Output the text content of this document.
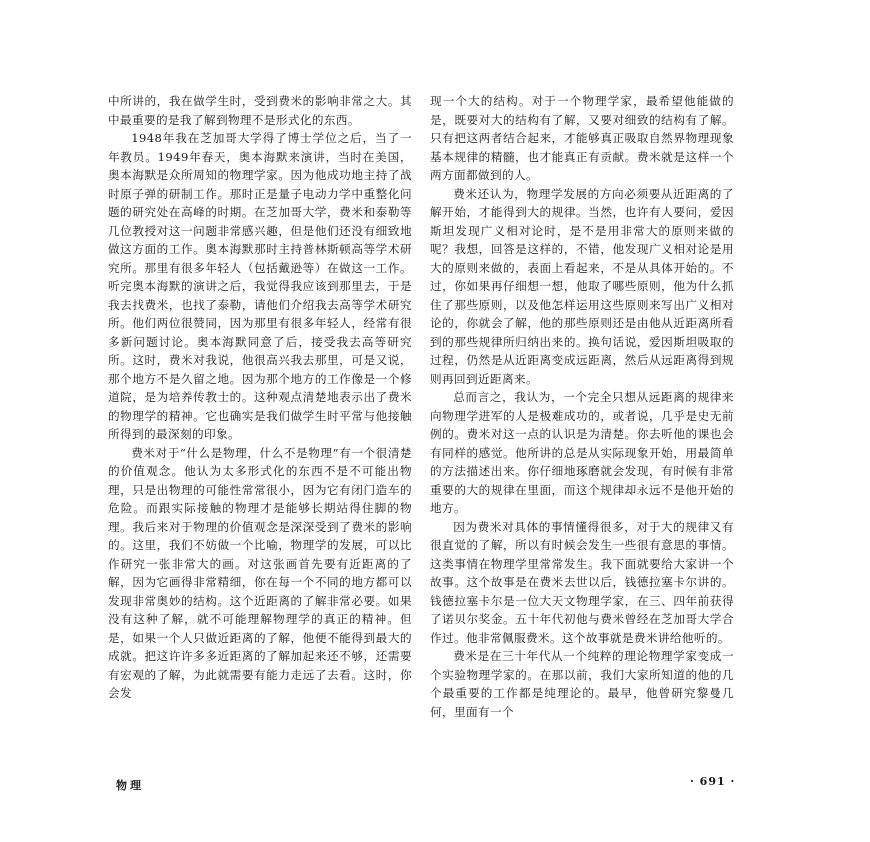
中所讲的，我在做学生时，受到费米的影响非常之大。其中最重要的是我了解到物理不是形式化的东西。

1948年我在芝加哥大学得了博士学位之后，当了一年教员。1949年春天，奥本海默来演讲，当时在美国，奥本海默是众所周知的物理学家。因为他成功地主持了战时原子弹的研制工作。那时正是量子电动力学中重整化问题的研究处在高峰的时期。在芝加哥大学，费米和泰勒等几位教授对这一问题非常感兴趣，但是他们还没有细致地做这方面的工作。奥本海默那时主持普林斯顿高等学术研究所。那里有很多年轻人（包括戴逊等）在做这一工作。听完奥本海默的演讲之后，我觉得我应该到那里去，于是我去找费米，也找了泰勒，请他们介绍我去高等学术研究所。他们两位很赞同，因为那里有很多年轻人，经常有很多新问题讨论。奥本海默同意了后，接受我去高等研究所。这时，费米对我说，他很高兴我去那里，可是又说，那个地方不是久留之地。因为那个地方的工作像是一个修道院，是为培养传教士的。这种观点清楚地表示出了费米的物理学的精神。它也确实是我们做学生时平常与他接触所得到的最深刻的印象。

费米对于“什么是物理，什么不是物理”有一个很清楚的价值观念。他认为太多形式化的东西不是不可能出物理，只是出物理的可能性常常很小，因为它有闭门造车的危险。而跟实际接触的物理才是能够长期站得住脚的物理。我后来对于物理的价值观念是深深受到了费米的影响的。这里，我们不妨做一个比喻，物理学的发展，可以比作研究一张非常大的画。对这张画首先要有近距离的了解，因为它画得非常精细，你在每一个不同的地方都可以发现非常奥妙的结构。这个近距离的了解非常必要。如果没有这种了解，就不可能理解物理学的真正的精神。但是，如果一个人只做近距离的了解，他便不能得到最大的成就。把这许许多多近距离的了解加起来还不够，还需要有宏观的了解，为此就需要有能力走远了去看。这时，你会发

现一个大的结构。对于一个物理学家，最希望他能做的是，既要对大的结构有了解，又要对细致的结构有了解。只有把这两者结合起来，才能够真正吸取自然界物理现象基本规律的精髓，也才能真正有贡献。费米就是这样一个两方面都做到的人。

费米还认为，物理学发展的方向必须要从近距离的了解开始，才能得到大的规律。当然，也许有人要问，爱因斯坦发现广义相对论时，是不是用非常大的原则来做的呢？我想，回答是这样的，不错，他发现广义相对论是用大的原则来做的，表面上看起来，不是从具体开始的。不过，你如果再仔细想一想，他取了哪些原则，他为什么抓住了那些原则，以及他怎样运用这些原则来写出广义相对论的，你就会了解，他的那些原则还是由他从近距离所看到的那些规律所归纳出来的。换句话说，爱因斯坦吸取的过程，仍然是从近距离变成远距离，然后从远距离得到规则再回到近距离来。

总而言之，我认为，一个完全只想从远距离的规律来向物理学进军的人是极难成功的，或者说，几乎是史无前例的。费米对这一点的认识是为清楚。你去听他的课也会有同样的感觉。他所讲的总是从实际现象开始，用最简单的方法描述出来。你仔细地琢磨就会发现，有时候有非常重要的大的规律在里面，而这个规律却永远不是他开始的地方。

因为费米对具体的事情懂得很多，对于大的规律又有很直觉的了解，所以有时候会发生一些很有意思的事情。这类事情在物理学里常常发生。我下面就要给大家讲一个故事。这个故事是在费米去世以后，钱德拉塞卡尔讲的。钱德拉塞卡尔是一位大天文物理学家，在三、四年前获得了诺贝尔奖金。五十年代初他与费米曾经在芝加哥大学合作过。他非常佩服费米。这个故事就是费米讲给他听的。

费米是在三十年代从一个纯粹的理论物理学家变成一个实验物理学家的。在那以前，我们大家所知道的他的几个最重要的工作都是纯理论的。最早，他曾研究黎曼几何，里面有一个

物理	· 691 ·
